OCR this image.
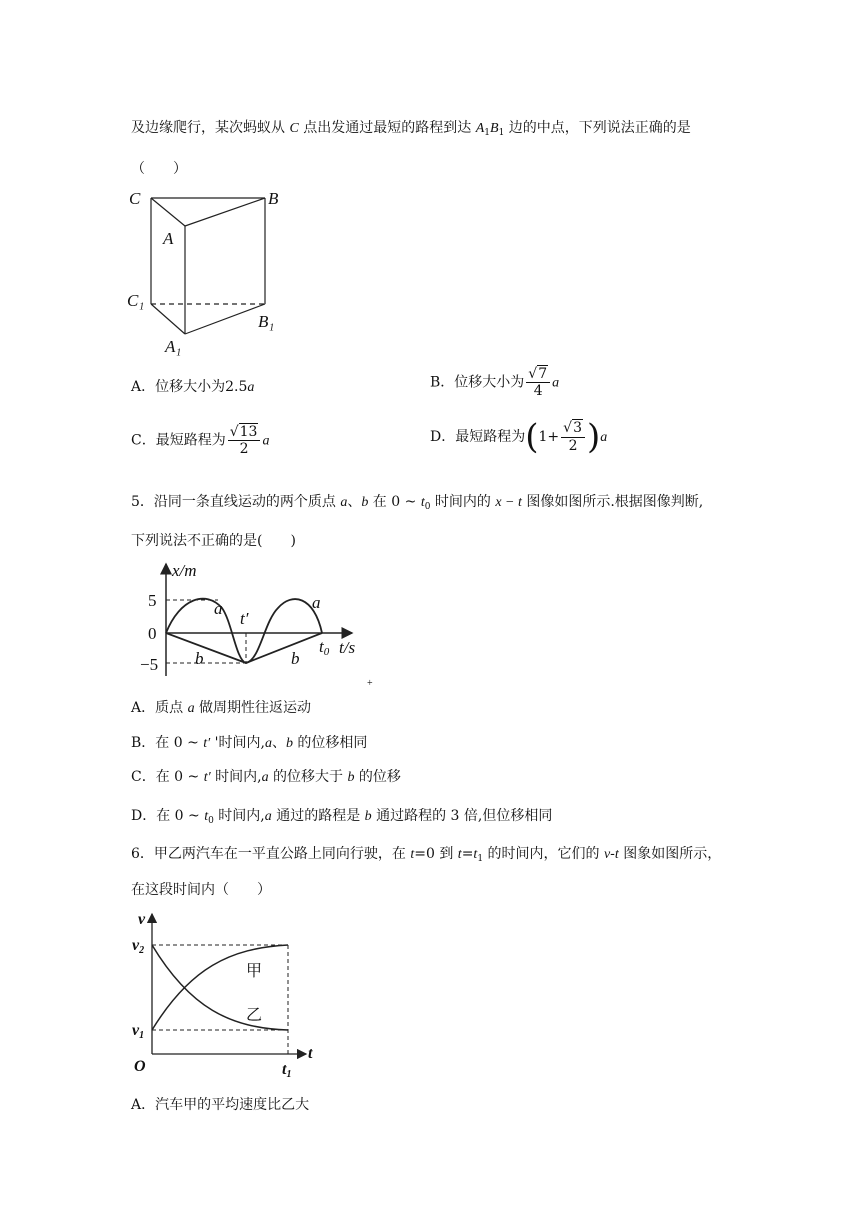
及边缘爬行，某次蚂蚁从 C 点出发通过最短的路程到达 $A_1B_1$ 边的中点，下列说法正确的是
（　　）
C	B
A
C₁
B₁
A₁
A．位移大小为2.5a	B．位移大小为 $\frac{√7}{4}$ a
C．最短路程为 $\frac{√13}{2}$ a	D．最短路程为$(1+ \frac{√3}{2} )a$
5．沿同一条直线运动的两个质点 a、b 在 0 ~ $t_0$ 时间内的 x − t 图像如图所示.根据图像判断,
下列说法不正确的是(　　)
x/m
5
0
−5
t′
t0 t/s
a	a
b	b
+
A．质点 a 做周期性往返运动
B．在 0 ~ t′ '时间内,a、b 的位移相同
C．在 0 ~ t′ 时间内,a 的位移大于 b 的位移
D．在 0 ~ $t_0$ 时间内,a 通过的路程是 b 通过路程的 3 倍,但位移相同
6．甲乙两汽车在一平直公路上同向行驶，在 t=0 到 $t=t_1$ 的时间内，它们的 v-t 图象如图所示，
在这段时间内（　　）
v
t
O
v2
v1
t1
甲
乙
A．汽车甲的平均速度比乙大
